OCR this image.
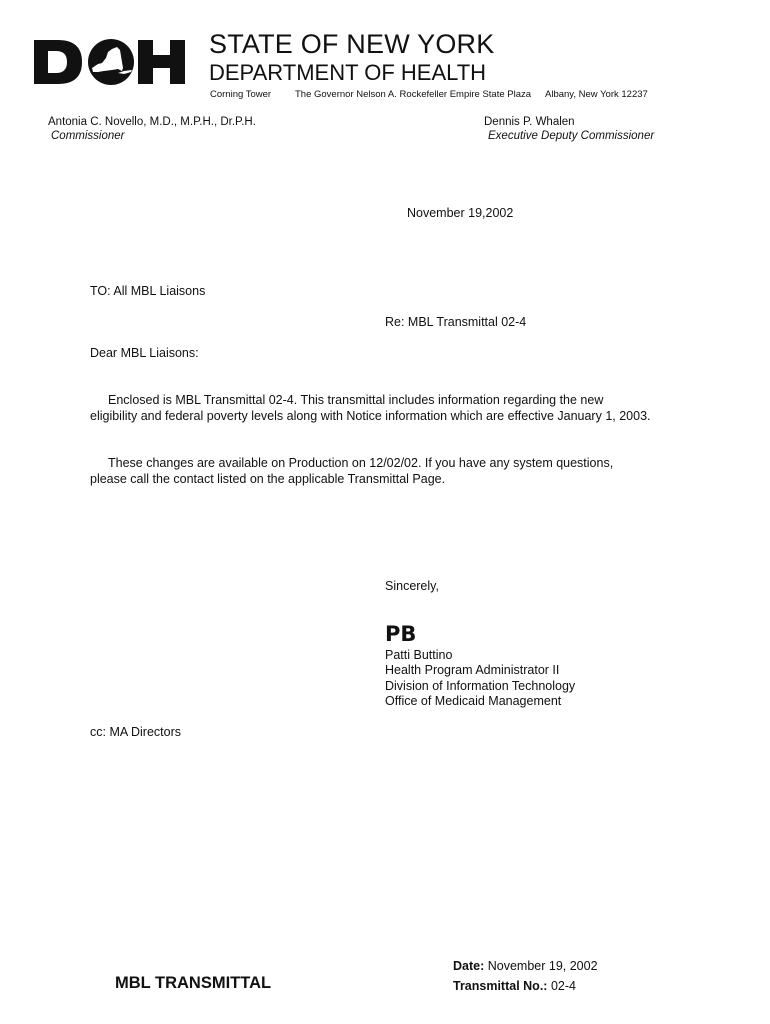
STATE OF NEW YORK
DEPARTMENT OF HEALTH
Corning Tower	The Governor Nelson A. Rockefeller Empire State Plaza Albany, New York 12237
Antonia C. Novello, M.D., M.P.H., Dr.P.H.
Commissioner
Dennis P. Whalen
Executive Deputy Commissioner
November 19,2002
TO: All MBL Liaisons
Re: MBL Transmittal 02-4
Dear MBL Liaisons:
Enclosed is MBL Transmittal 02-4. This transmittal includes information regarding the new eligibility and federal poverty levels along with Notice information which are effective January 1, 2003.
These changes are available on Production on 12/02/02. If you have any system questions, please call the contact listed on the applicable Transmittal Page.
Sincerely,
PB
Patti Buttino
Health Program Administrator II
Division of Information Technology
Office of Medicaid Management
cc: MA Directors
MBL TRANSMITTAL
Date: November 19, 2002
Transmittal No.: 02-4
